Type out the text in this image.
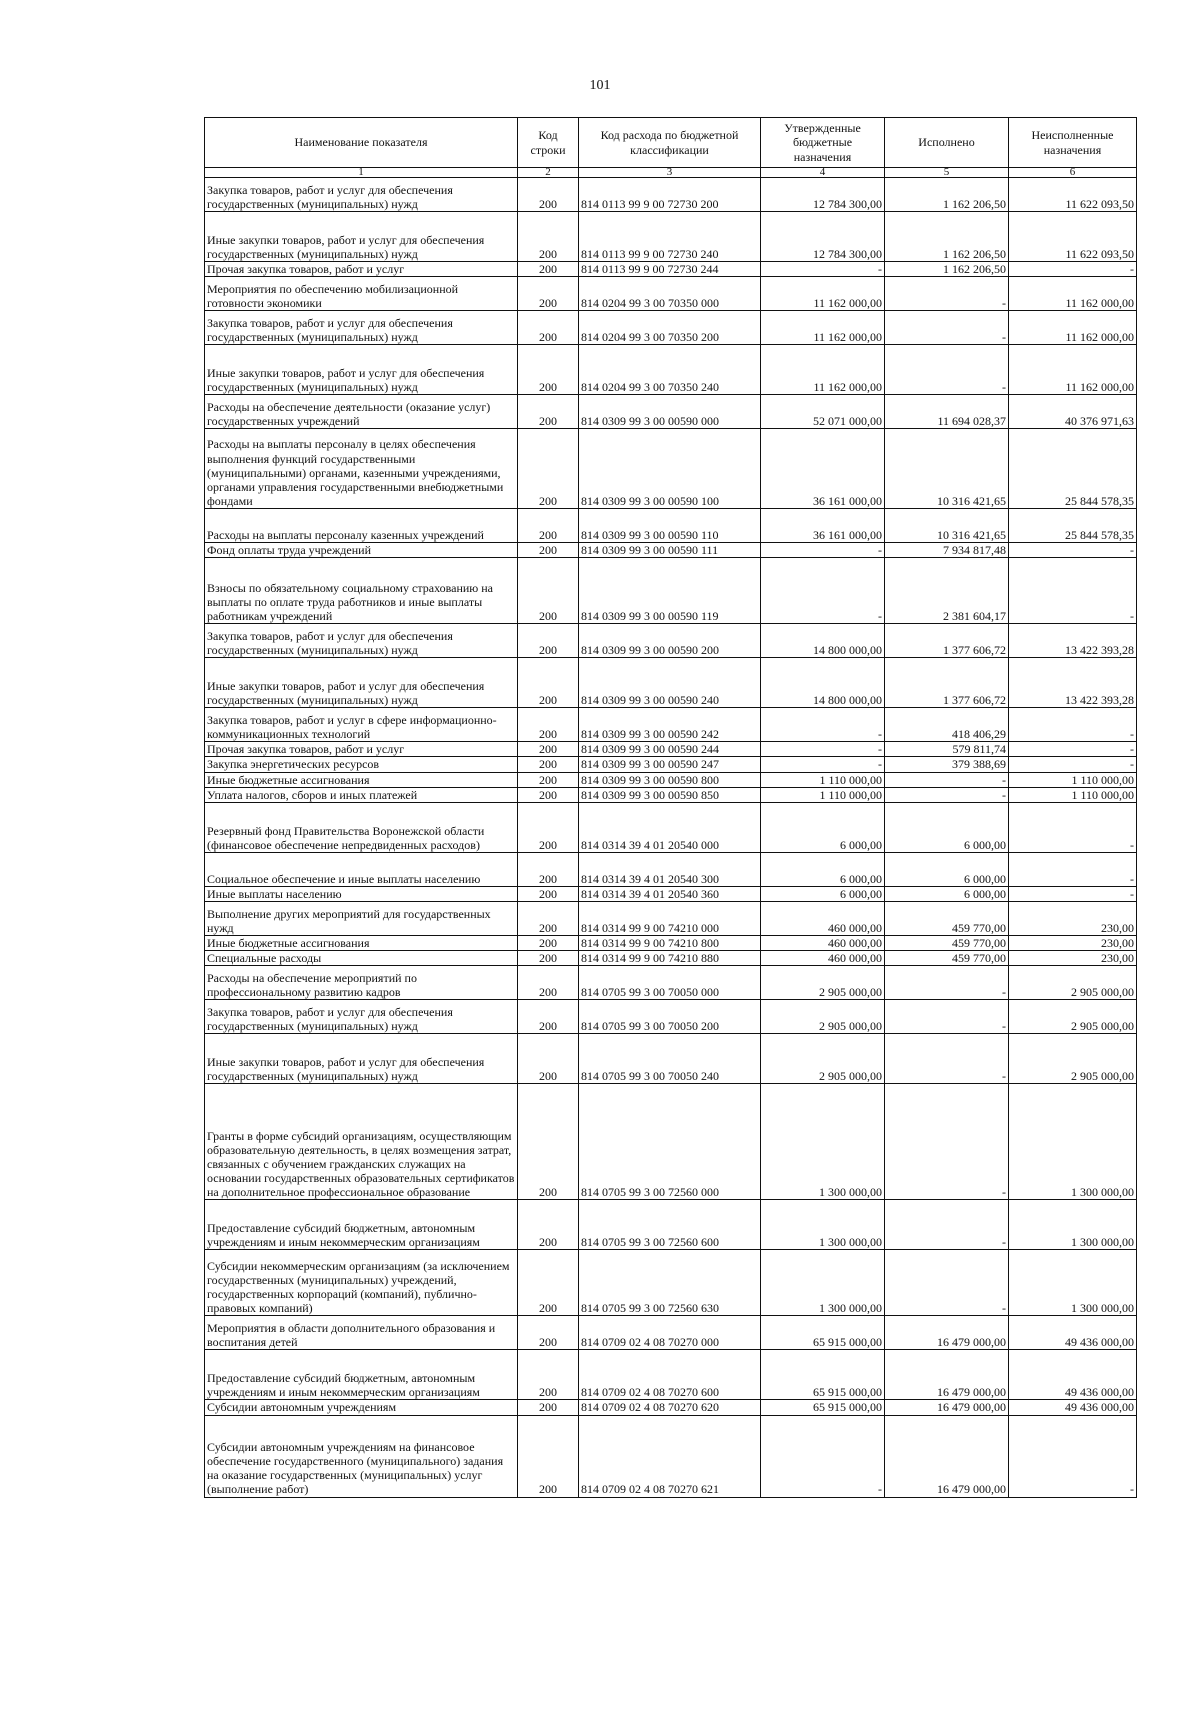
101
Наименование показателя	Код строки	Код расхода по бюджетной классификации	Утвержденные бюджетные назначения	Исполнено	Неисполненные назначения
1	2	3	4	5	6
Закупка товаров, работ и услуг для обеспечения государственных (муниципальных) нужд	200	814 0113 99 9 00 72730 200	12 784 300,00	1 162 206,50	11 622 093,50
Иные закупки товаров, работ и услуг для обеспечения государственных (муниципальных) нужд	200	814 0113 99 9 00 72730 240	12 784 300,00	1 162 206,50	11 622 093,50
Прочая закупка товаров, работ и услуг	200	814 0113 99 9 00 72730 244	-	1 162 206,50	-
Мероприятия по обеспечению мобилизационной готовности экономики	200	814 0204 99 3 00 70350 000	11 162 000,00	-	11 162 000,00
Закупка товаров, работ и услуг для обеспечения государственных (муниципальных) нужд	200	814 0204 99 3 00 70350 200	11 162 000,00	-	11 162 000,00
Иные закупки товаров, работ и услуг для обеспечения государственных (муниципальных) нужд	200	814 0204 99 3 00 70350 240	11 162 000,00	-	11 162 000,00
Расходы на обеспечение деятельности (оказание услуг) государственных учреждений	200	814 0309 99 3 00 00590 000	52 071 000,00	11 694 028,37	40 376 971,63
Расходы на выплаты персоналу в целях обеспечения выполнения функций государственными (муниципальными) органами, казенными учреждениями, органами управления государственными внебюджетными фондами	200	814 0309 99 3 00 00590 100	36 161 000,00	10 316 421,65	25 844 578,35
Расходы на выплаты персоналу казенных учреждений	200	814 0309 99 3 00 00590 110	36 161 000,00	10 316 421,65	25 844 578,35
Фонд оплаты труда учреждений	200	814 0309 99 3 00 00590 111	-	7 934 817,48	-
Взносы по обязательному социальному страхованию на выплаты по оплате труда работников и иные выплаты работникам учреждений	200	814 0309 99 3 00 00590 119	-	2 381 604,17	-
Закупка товаров, работ и услуг для обеспечения государственных (муниципальных) нужд	200	814 0309 99 3 00 00590 200	14 800 000,00	1 377 606,72	13 422 393,28
Иные закупки товаров, работ и услуг для обеспечения государственных (муниципальных) нужд	200	814 0309 99 3 00 00590 240	14 800 000,00	1 377 606,72	13 422 393,28
Закупка товаров, работ и услуг в сфере информационно-коммуникационных технологий	200	814 0309 99 3 00 00590 242	-	418 406,29	-
Прочая закупка товаров, работ и услуг	200	814 0309 99 3 00 00590 244	-	579 811,74	-
Закупка энергетических ресурсов	200	814 0309 99 3 00 00590 247	-	379 388,69	-
Иные бюджетные ассигнования	200	814 0309 99 3 00 00590 800	1 110 000,00	-	1 110 000,00
Уплата налогов, сборов и иных платежей	200	814 0309 99 3 00 00590 850	1 110 000,00	-	1 110 000,00
Резервный фонд Правительства Воронежской области (финансовое обеспечение непредвиденных расходов)	200	814 0314 39 4 01 20540 000	6 000,00	6 000,00	-
Социальное обеспечение и иные выплаты населению	200	814 0314 39 4 01 20540 300	6 000,00	6 000,00	-
Иные выплаты населению	200	814 0314 39 4 01 20540 360	6 000,00	6 000,00	-
Выполнение других мероприятий для государственных нужд	200	814 0314 99 9 00 74210 000	460 000,00	459 770,00	230,00
Иные бюджетные ассигнования	200	814 0314 99 9 00 74210 800	460 000,00	459 770,00	230,00
Специальные расходы	200	814 0314 99 9 00 74210 880	460 000,00	459 770,00	230,00
Расходы на обеспечение мероприятий по профессиональному развитию кадров	200	814 0705 99 3 00 70050 000	2 905 000,00	-	2 905 000,00
Закупка товаров, работ и услуг для обеспечения государственных (муниципальных) нужд	200	814 0705 99 3 00 70050 200	2 905 000,00	-	2 905 000,00
Иные закупки товаров, работ и услуг для обеспечения государственных (муниципальных) нужд	200	814 0705 99 3 00 70050 240	2 905 000,00	-	2 905 000,00
Гранты в форме субсидий организациям, осуществляющим образовательную деятельность, в целях возмещения затрат, связанных с обучением гражданских служащих на основании государственных образовательных сертификатов на дополнительное профессиональное образование	200	814 0705 99 3 00 72560 000	1 300 000,00	-	1 300 000,00
Предоставление субсидий бюджетным, автономным учреждениям и иным некоммерческим организациям	200	814 0705 99 3 00 72560 600	1 300 000,00	-	1 300 000,00
Субсидии некоммерческим организациям (за исключением государственных (муниципальных) учреждений, государственных корпораций (компаний), публично-правовых компаний)	200	814 0705 99 3 00 72560 630	1 300 000,00	-	1 300 000,00
Мероприятия в области дополнительного образования и воспитания детей	200	814 0709 02 4 08 70270 000	65 915 000,00	16 479 000,00	49 436 000,00
Предоставление субсидий бюджетным, автономным учреждениям и иным некоммерческим организациям	200	814 0709 02 4 08 70270 600	65 915 000,00	16 479 000,00	49 436 000,00
Субсидии автономным учреждениям	200	814 0709 02 4 08 70270 620	65 915 000,00	16 479 000,00	49 436 000,00
Субсидии автономным учреждениям на финансовое обеспечение государственного (муниципального) задания на оказание государственных (муниципальных) услуг (выполнение работ)	200	814 0709 02 4 08 70270 621	-	16 479 000,00	-
